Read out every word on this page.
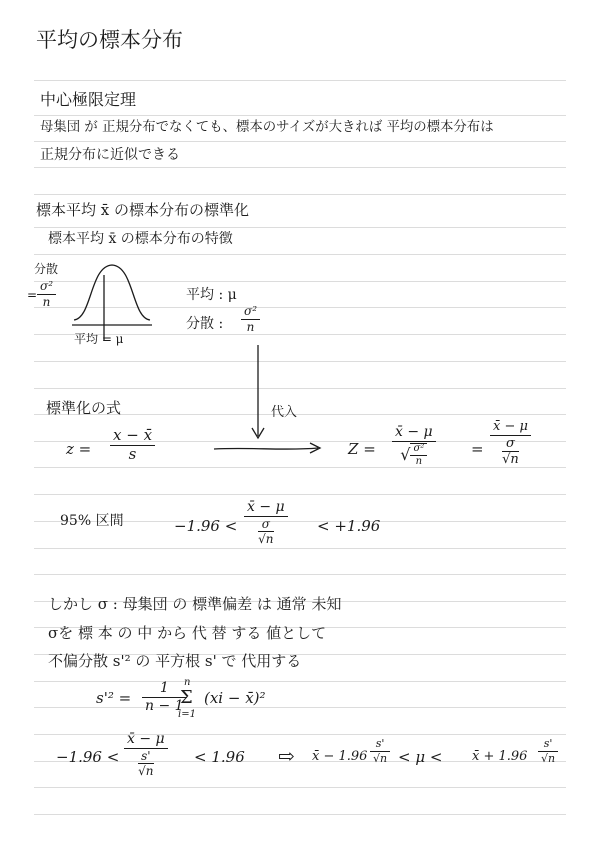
平均の標本分布
中心極限定理
母集団 が 正規分布でなくても、標本のサイズが大きれば 平均の標本分布は
正規分布に近似できる
標本平均 x̄ の標本分布の標準化
標本平均 x̄ の標本分布の特徴
分散
=
σ²
n
平均 = μ
平均 : μ
分散 :
σ²
n
代入
標準化の式
z =
x − x̄
s	Z =
x̄ − μ
√ $\frac{\text{σ²}}{n}$	=
x̄ − μ
σ
√n
95% 区間	−1.96 <
x̄ − μ
σ
√n
< +1.96
しかし σ : 母集団 の 標準偏差 は 通常 未知
σを 標 本 の 中 から 代 替 する 値として
不偏分散 s'² の 平方根 s' で 代用する
s'² =
1
n − 1
n
Σ
i=1
(xi − x̄)²
−1.96 <
x̄ − μ
s'
√n
< 1.96 ⇨ x̄ − 1.96
s'
√n < μ < x̄ + 1.96
s'
√n
